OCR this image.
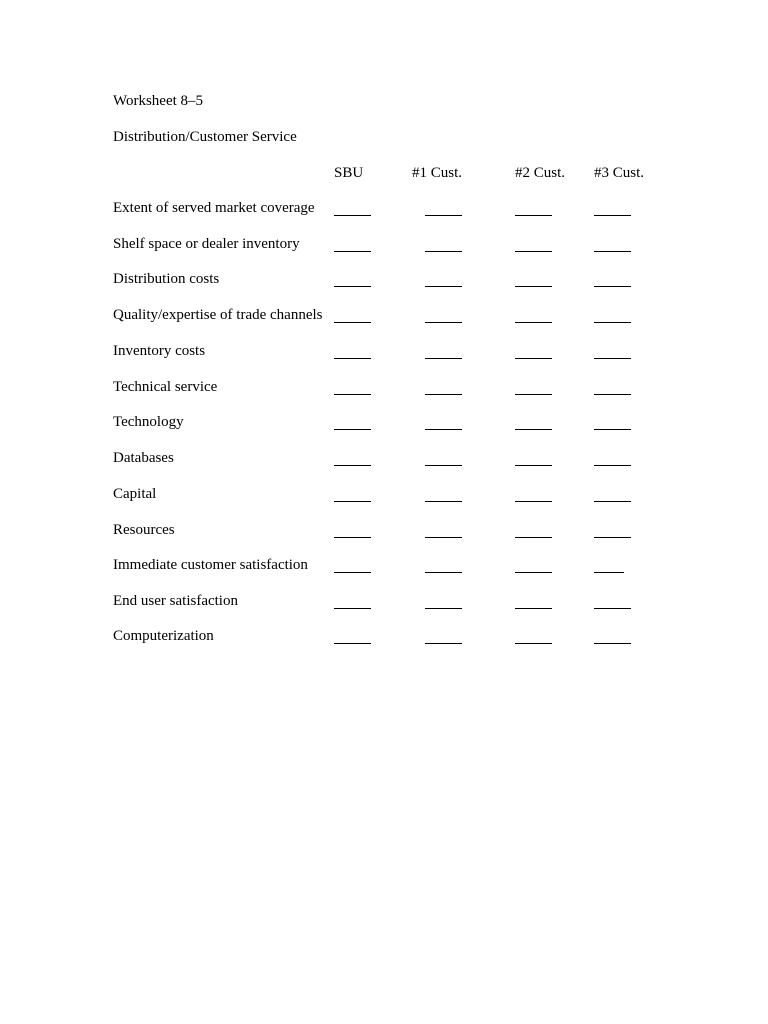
Worksheet 8–5
Distribution/Customer Service
SBU	#1 Cust.	#2 Cust. #3 Cust.
Extent of served market coverage
Shelf space or dealer inventory
Distribution costs
Quality/expertise of trade channels
Inventory costs
Technical service
Technology
Databases
Capital
Resources
Immediate customer satisfaction
End user satisfaction
Computerization
